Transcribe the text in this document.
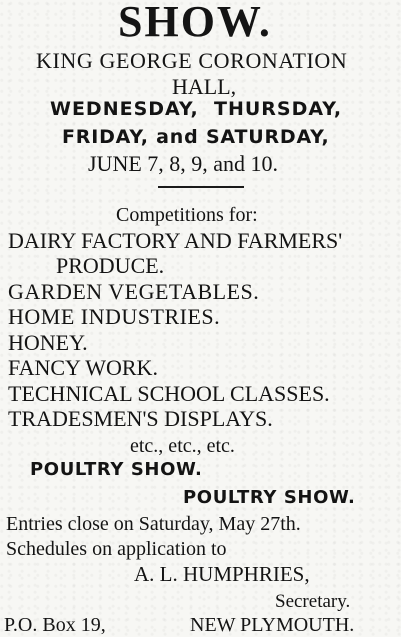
SHOW.
KING GEORGE CORONATION
HALL,
WEDNESDAY,  THURSDAY,
FRIDAY, and SATURDAY,
JUNE 7, 8, 9, and 10.
Competitions for:
DAIRY FACTORY AND FARMERS'
PRODUCE.
GARDEN VEGETABLES.
HOME INDUSTRIES.
HONEY.
FANCY WORK.
TECHNICAL SCHOOL CLASSES.
TRADESMEN'S DISPLAYS.
etc., etc., etc.
POULTRY SHOW.
POULTRY SHOW.
Entries close on Saturday, May 27th.
Schedules on application to
A. L. HUMPHRIES,
Secretary.
P.O. Box 19,	NEW PLYMOUTH.
